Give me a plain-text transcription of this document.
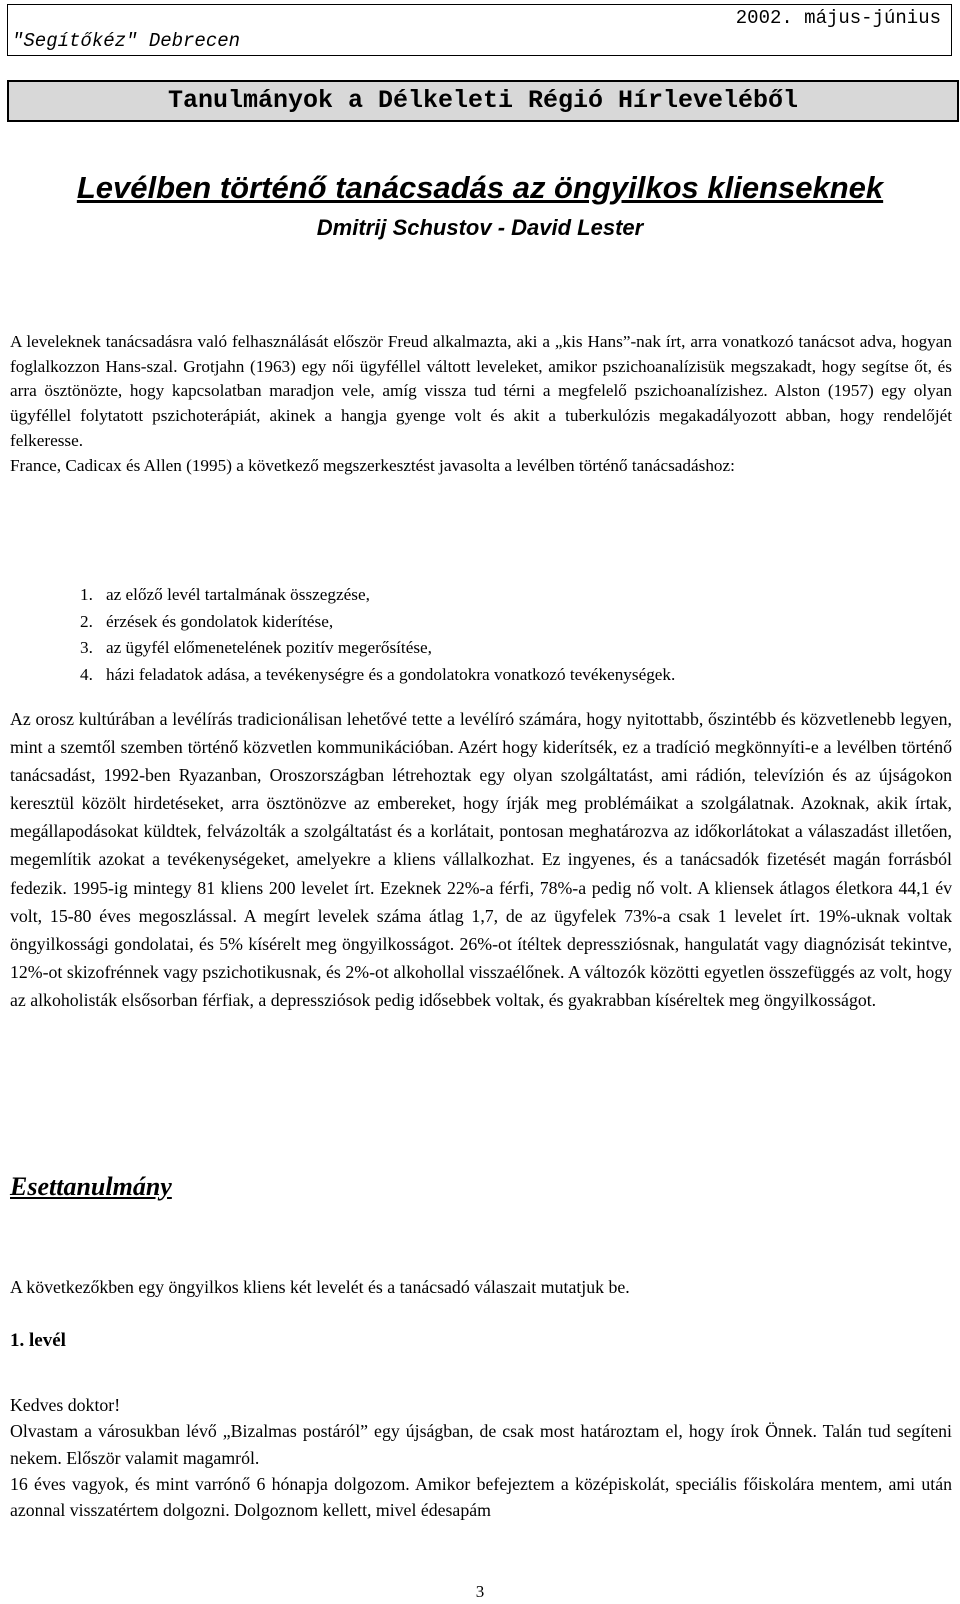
"Segítőkéz" Debrecen
2002. május-június
Tanulmányok a Délkeleti Régió Hírleveléből
Levélben történő tanácsadás az öngyilkos klienseknek
Dmitrij Schustov - David Lester

A leveleknek tanácsadásra való felhasználását először Freud alkalmazta, aki a „kis Hans”-nak írt, arra vonatkozó tanácsot adva, hogyan foglalkozzon Hans-szal. Grotjahn (1963) egy női ügyféllel váltott leveleket, amikor pszichoanalízisük megszakadt, hogy segítse őt, és arra ösztönözte, hogy kapcsolatban maradjon vele, amíg vissza tud térni a megfelelő pszichoanalízishez. Alston (1957) egy olyan ügyféllel folytatott pszichoterápiát, akinek a hangja gyenge volt és akit a tuberkulózis megakadályozott abban, hogy rendelőjét felkeresse.

France, Cadicax és Allen (1995) a következő megszerkesztést javasolta a levélben történő tanácsadáshoz:

1. az előző levél tartalmának összegzése,
2. érzések és gondolatok kiderítése,
3. az ügyfél előmenetelének pozitív megerősítése,
4. házi feladatok adása, a tevékenységre és a gondolatokra vonatkozó tevékenységek.
Az orosz kultúrában a levélírás tradicionálisan lehetővé tette a levélíró számára, hogy nyitottabb, őszintébb és közvetlenebb legyen, mint a szemtől szemben történő közvetlen kommunikációban. Azért hogy kiderítsék, ez a tradíció megkönnyíti-e a levélben történő tanácsadást, 1992-ben Ryazanban, Oroszországban létrehoztak egy olyan szolgáltatást, ami rádión, televízión és az újságokon keresztül közölt hirdetéseket, arra ösztönözve az embereket, hogy írják meg problémáikat a szolgálatnak. Azoknak, akik írtak, megállapodásokat küldtek, felvázolták a szolgáltatást és a korlátait, pontosan meghatározva az időkorlátokat a válaszadást illetően, megemlítik azokat a tevékenységeket, amelyekre a kliens vállalkozhat. Ez ingyenes, és a tanácsadók fizetését magán forrásból fedezik. 1995-ig mintegy 81 kliens 200 levelet írt. Ezeknek 22%-a férfi, 78%-a pedig nő volt. A kliensek átlagos életkora 44,1 év volt, 15-80 éves megoszlással. A megírt levelek száma átlag 1,7, de az ügyfelek 73%-a csak 1 levelet írt. 19%-uknak voltak öngyilkossági gondolatai, és 5% kísérelt meg öngyilkosságot. 26%-ot ítéltek depressziósnak, hangulatát vagy diagnózisát tekintve, 12%-ot skizofrénnek vagy pszichotikusnak, és 2%-ot alkohollal visszaélőnek. A változók közötti egyetlen összefüggés az volt, hogy az alkoholisták elsősorban férfiak, a depressziósok pedig idősebbek voltak, és gyakrabban kíséreltek meg öngyilkosságot.
Esettanulmány
A következőkben egy öngyilkos kliens két levelét és a tanácsadó válaszait mutatjuk be.
1. levél

Kedves doktor!

Olvastam a városukban lévő „Bizalmas postáról” egy újságban, de csak most határoztam el, hogy írok Önnek. Talán tud segíteni nekem. Először valamit magamról.

16 éves vagyok, és mint varrónő 6 hónapja dolgozom. Amikor befejeztem a középiskolát, speciális főiskolára mentem, ami után azonnal visszatértem dolgozni. Dolgoznom kellett, mivel édesapám

3
